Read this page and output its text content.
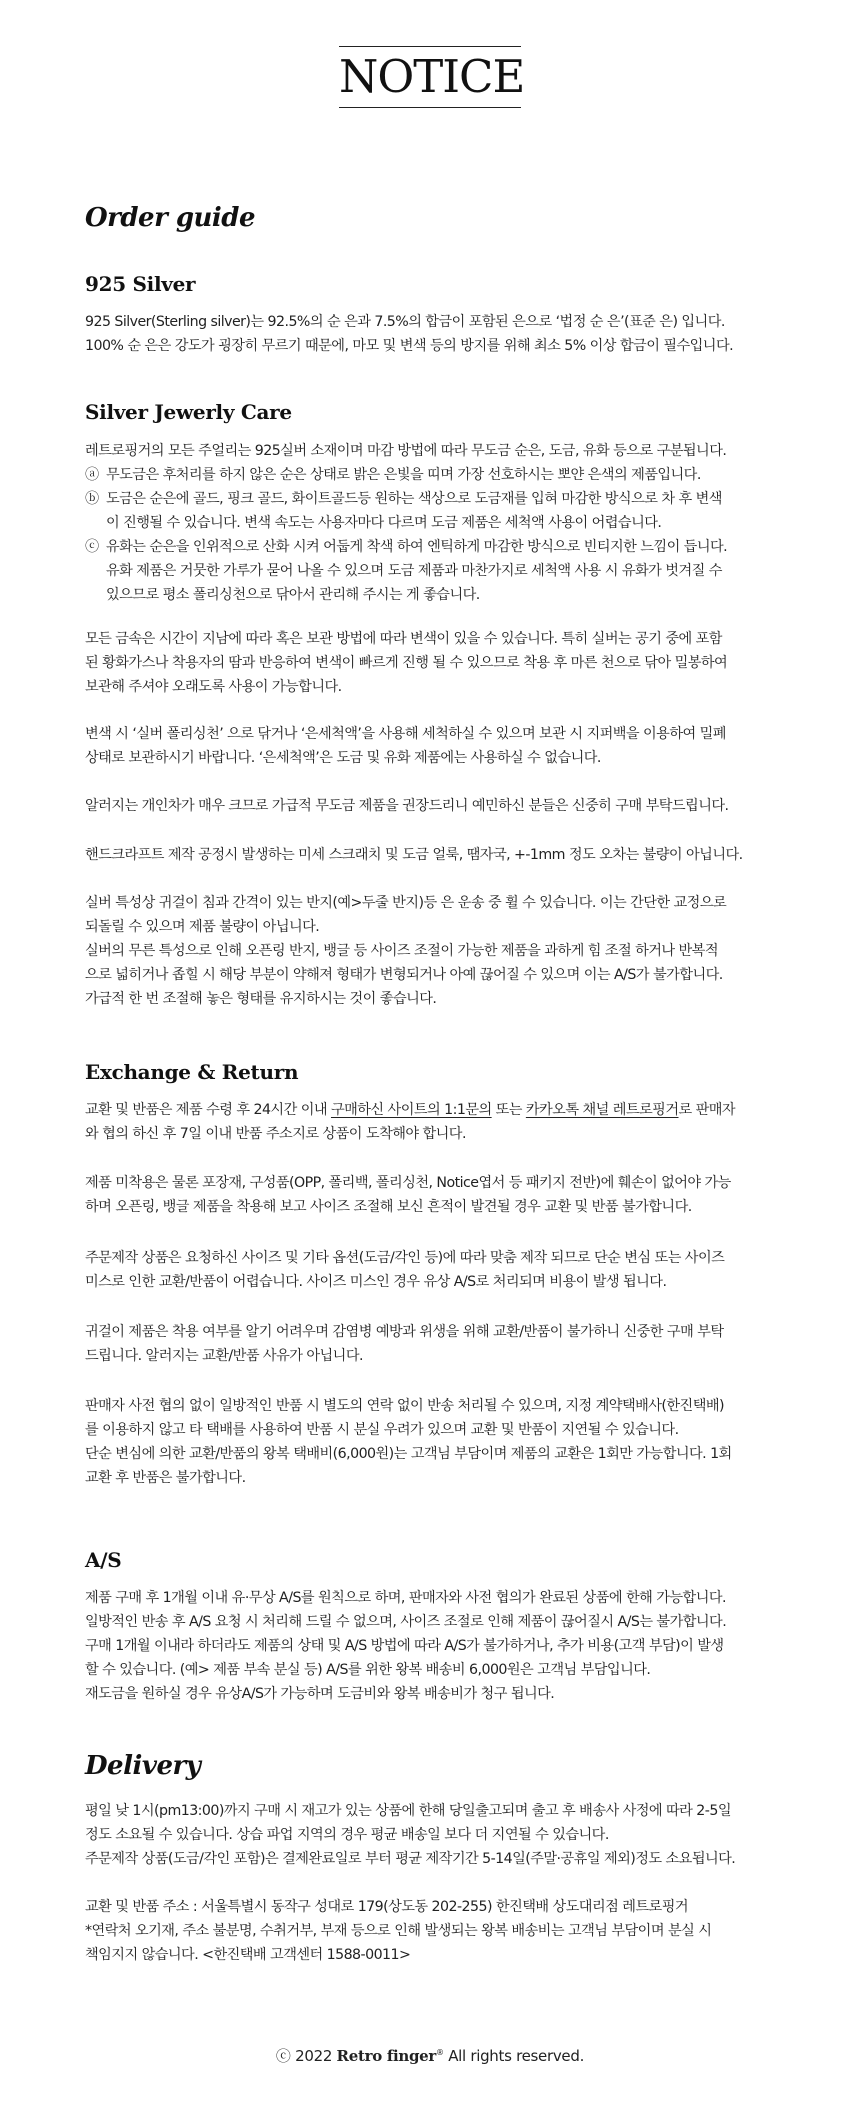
NOTICE
Order guide
925 Silver

925 Silver(Sterling silver)는 92.5%의 순 은과 7.5%의 합금이 포함된 은으로 ‘법정 순 은’(표준 은) 입니다.

100% 순 은은 강도가 굉장히 무르기 때문에, 마모 및 변색 등의 방지를 위해 최소 5% 이상 합금이 필수입니다.

Silver Jewerly Care

레트로핑거의 모든 주얼리는 925실버 소재이며 마감 방법에 따라 무도금 순은, 도금, 유화 등으로 구분됩니다.

ⓐ 무도금은 후처리를 하지 않은 순은 상태로 밝은 은빛을 띠며 가장 선호하시는 뽀얀 은색의 제품입니다.

ⓑ 도금은 순은에 골드, 핑크 골드, 화이트골드등 원하는 색상으로 도금재를 입혀 마감한 방식으로 차 후 변색

이 진행될 수 있습니다. 변색 속도는 사용자마다 다르며 도금 제품은 세척액 사용이 어렵습니다.

ⓒ 유화는 순은을 인위적으로 산화 시켜 어둡게 착색 하여 엔틱하게 마감한 방식으로 빈티지한 느낌이 듭니다.

유화 제품은 거뭇한 가루가 묻어 나올 수 있으며 도금 제품과 마찬가지로 세척액 사용 시 유화가 벗겨질 수

있으므로 평소 폴리싱천으로 닦아서 관리해 주시는 게 좋습니다.

모든 금속은 시간이 지남에 따라 혹은 보관 방법에 따라 변색이 있을 수 있습니다. 특히 실버는 공기 중에 포함

된 황화가스나 착용자의 땀과 반응하여 변색이 빠르게 진행 될 수 있으므로 착용 후 마른 천으로 닦아 밀봉하여

보관해 주셔야 오래도록 사용이 가능합니다.

변색 시 ‘실버 폴리싱천’ 으로 닦거나 ‘은세척액’을 사용해 세척하실 수 있으며 보관 시 지퍼백을 이용하여 밀폐

상태로 보관하시기 바랍니다. ‘은세척액’은 도금 및 유화 제품에는 사용하실 수 없습니다.

알러지는 개인차가 매우 크므로 가급적 무도금 제품을 권장드리니 예민하신 분들은 신중히 구매 부탁드립니다.

핸드크라프트 제작 공정시 발생하는 미세 스크래치 및 도금 얼룩, 땜자국, +-1mm 정도 오차는 불량이 아닙니다.

실버 특성상 귀걸이 침과 간격이 있는 반지(예>두줄 반지)등 은 운송 중 휠 수 있습니다. 이는 간단한 교정으로

되돌릴 수 있으며 제품 불량이 아닙니다.

실버의 무른 특성으로 인해 오픈링 반지, 뱅글 등 사이즈 조절이 가능한 제품을 과하게 힘 조절 하거나 반복적

으로 넓히거나 좁힐 시 해당 부분이 약해져 형태가 변형되거나 아예 끊어질 수 있으며 이는 A/S가 불가합니다.

가급적 한 번 조절해 놓은 형태를 유지하시는 것이 좋습니다.

Exchange & Return

교환 및 반품은 제품 수령 후 24시간 이내 구매하신 사이트의 1:1문의 또는 카카오톡 채널 레트로핑거로 판매자

와 협의 하신 후 7일 이내 반품 주소지로 상품이 도착해야 합니다.

제품 미착용은 물론 포장재, 구성품(OPP, 폴리백, 폴리싱천, Notice엽서 등 패키지 전반)에 훼손이 없어야 가능

하며 오픈링, 뱅글 제품을 착용해 보고 사이즈 조절해 보신 흔적이 발견될 경우 교환 및 반품 불가합니다.

주문제작 상품은 요청하신 사이즈 및 기타 옵션(도금/각인 등)에 따라 맞춤 제작 되므로 단순 변심 또는 사이즈

미스로 인한 교환/반품이 어렵습니다. 사이즈 미스인 경우 유상 A/S로 처리되며 비용이 발생 됩니다.

귀걸이 제품은 착용 여부를 알기 어려우며 감염병 예방과 위생을 위해 교환/반품이 불가하니 신중한 구매 부탁

드립니다. 알러지는 교환/반품 사유가 아닙니다.

판매자 사전 협의 없이 일방적인 반품 시 별도의 연락 없이 반송 처리될 수 있으며, 지정 계약택배사(한진택배)

를 이용하지 않고 타 택배를 사용하여 반품 시 분실 우려가 있으며 교환 및 반품이 지연될 수 있습니다.

단순 변심에 의한 교환/반품의 왕복 택배비(6,000원)는 고객님 부담이며 제품의 교환은 1회만 가능합니다. 1회

교환 후 반품은 불가합니다.

A/S

제품 구매 후 1개월 이내 유·무상 A/S를 원칙으로 하며, 판매자와 사전 협의가 완료된 상품에 한해 가능합니다.

일방적인 반송 후 A/S 요청 시 처리해 드릴 수 없으며, 사이즈 조절로 인해 제품이 끊어질시 A/S는 불가합니다.

구매 1개월 이내라 하더라도 제품의 상태 및 A/S 방법에 따라 A/S가 불가하거나, 추가 비용(고객 부담)이 발생

할 수 있습니다. (예> 제품 부속 분실 등) A/S를 위한 왕복 배송비 6,000원은 고객님 부담입니다.

재도금을 원하실 경우 유상A/S가 가능하며 도금비와 왕복 배송비가 청구 됩니다.

Delivery

평일 낮 1시(pm13:00)까지 구매 시 재고가 있는 상품에 한해 당일출고되며 출고 후 배송사 사정에 따라 2-5일

정도 소요될 수 있습니다. 상습 파업 지역의 경우 평균 배송일 보다 더 지연될 수 있습니다.

주문제작 상품(도금/각인 포함)은 결제완료일로 부터 평균 제작기간 5-14일(주말·공휴일 제외)정도 소요됩니다.

교환 및 반품 주소 : 서울특별시 동작구 성대로 179(상도동 202-255) 한진택배 상도대리점 레트로핑거

*연락처 오기재, 주소 불분명, 수취거부, 부재 등으로 인해 발생되는 왕복 배송비는 고객님 부담이며 분실 시

책임지지 않습니다. <한진택배 고객센터 1588-0011>

ⓒ 2022 Retro finger® All rights reserved.
